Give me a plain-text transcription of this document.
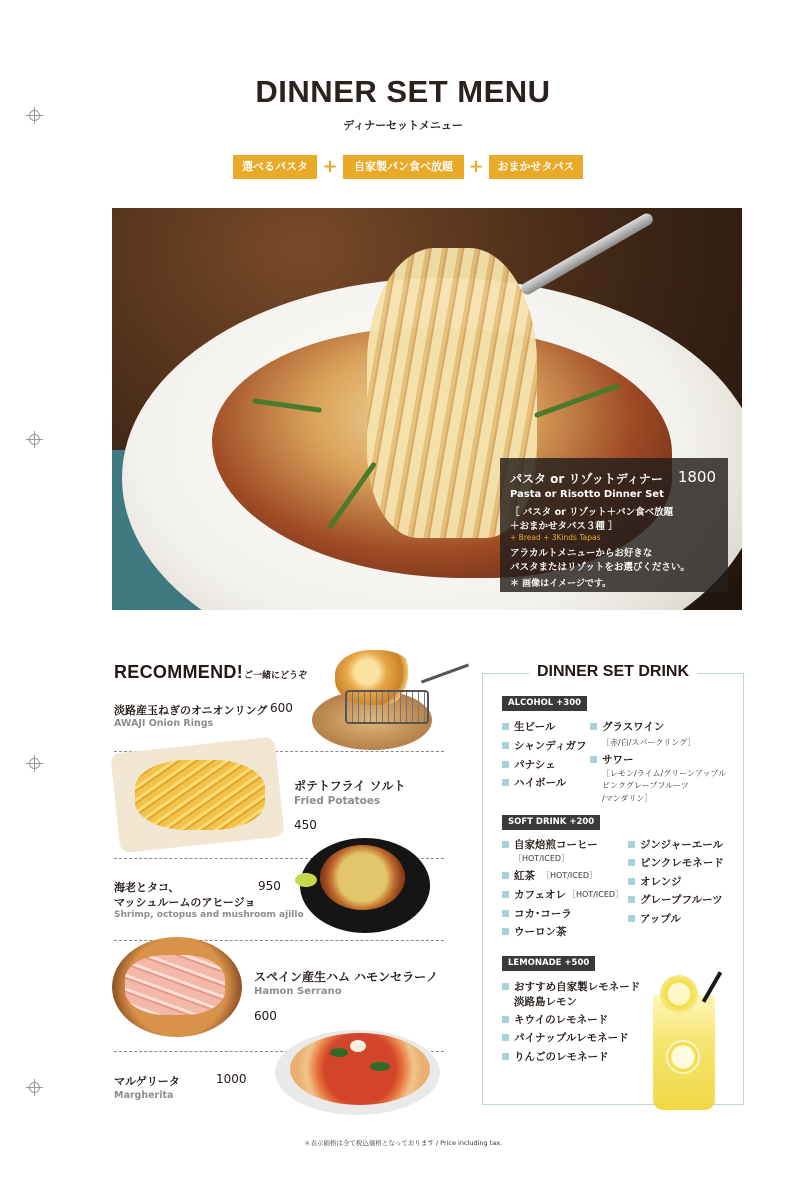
DINNER SET MENU
ディナーセットメニュー
選べるパスタ +	自家製パン食べ放題 +	おまかせタパス
パスタ or リゾットディナー 1800
Pasta or Risotto Dinner Set
［ パスタ or リゾット＋パン食べ放題
＋おまかせタパス３種 ］
+ Bread + 3Kinds Tapas
アラカルトメニューからお好きな
パスタまたはリゾットをお選びください。
＊ 画像はイメージです。
RECOMMEND! ご一緒にどうぞ
淡路産玉ねぎのオニオンリング 600
AWAJI Onion Rings
ポテトフライ ソルト
Fried Potatoes
450
海老とタコ、
マッシュルームのアヒージョ
950
Shrimp, octopus and mushroom ajillo
スペイン産生ハム ハモンセラーノ
Hamon Serrano
600
マルゲリータ	1000
Margherita
DINNER SET DRINK
ALCOHOL +300
生ビール
シャンディガフ
パナシェ
ハイボール
グラスワイン
［赤/白/スパークリング］
サワー
［レモン/ライム/グリーンアップル
ピンクグレープフルーツ
/マンダリン］
SOFT DRINK +200
自家焙煎コーヒー
［HOT/ICED］
紅茶 ［HOT/ICED］
カフェオレ ［HOT/ICED］
コカ･コーラ
ウーロン茶
ジンジャーエール
ピンクレモネード
オレンジ
グレープフルーツ
アップル
LEMONADE +500
おすすめ自家製レモネード
淡路島レモン
キウイのレモネード
パイナップルレモネード
りんごのレモネード
＊表示価格は全て税込価格となっております / Price including tax.
